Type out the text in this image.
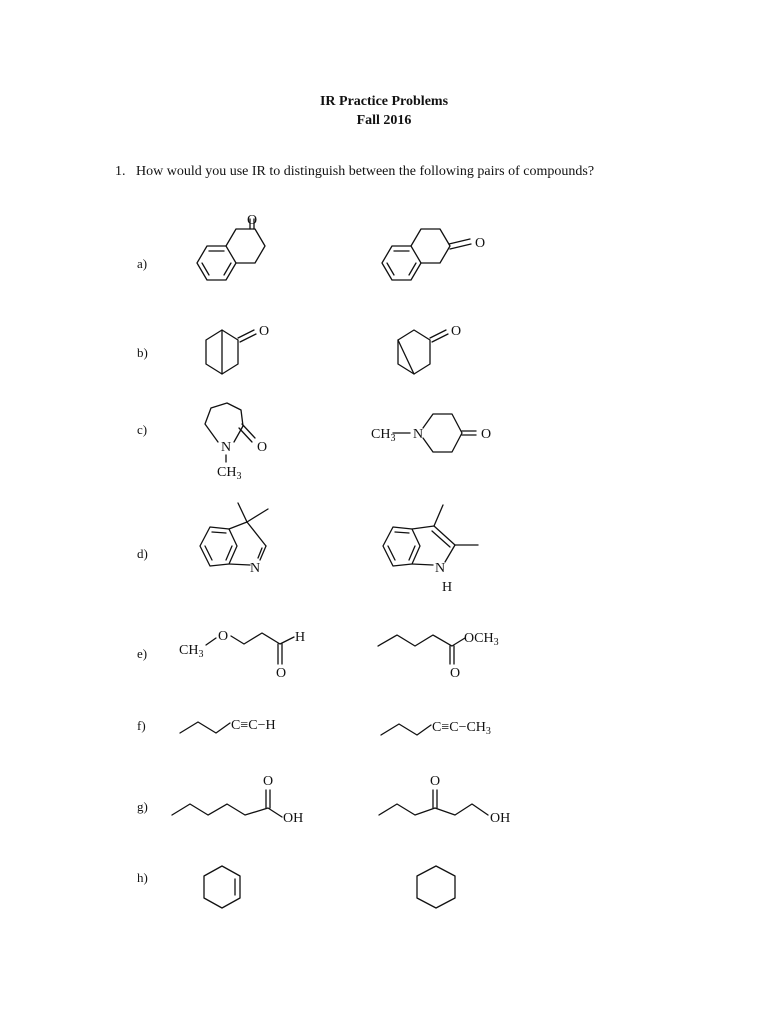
IR Practice Problems
Fall 2016
1. How would you use IR to distinguish between the following pairs of compounds?
a)
b)
c)
d)
e)
f)
g)
h)
O
O
O	O
O
N
$CH_3$
$CH_3$ N	O
N	N
H
$CH_3$
O
O
H
O
$OCH_3$
C≡C−H	$C\equiv C-CH_3$
O
OH
O
OH
